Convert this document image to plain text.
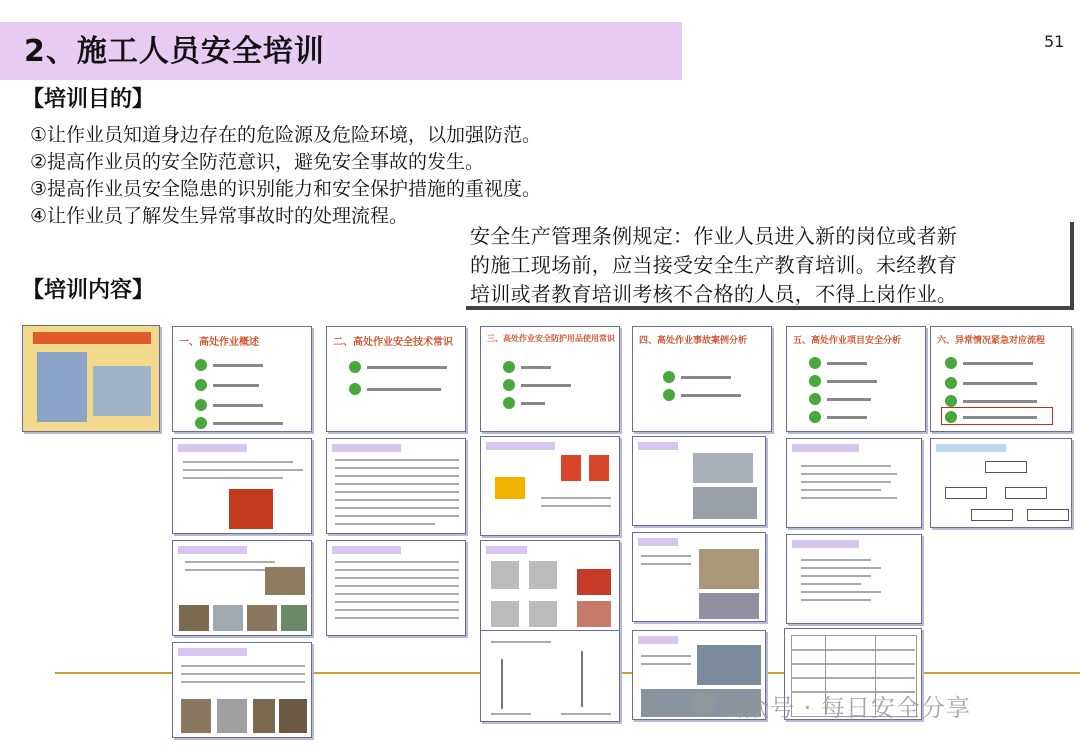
2、施工人员安全培训	51
【培训目的】
①让作业员知道身边存在的危险源及危险环境，以加强防范。
②提高作业员的安全防范意识，避免安全事故的发生。
③提高作业员安全隐患的识别能力和安全保护措施的重视度。
④让作业员了解发生异常事故时的处理流程。
安全生产管理条例规定：作业人员进入新的岗位或者新
的施工现场前，应当接受安全生产教育培训。未经教育
培训或者教育培训考核不合格的人员，不得上岗作业。
【培训内容】
一、高处作业概述	二、高处作业安全技术常识	三、高处作业安全防护用品使用常识	四、高处作业事故案例分析	五、高处作业项目安全分析	六、异常情况紧急对应流程
公众号 · 每日安全分享
